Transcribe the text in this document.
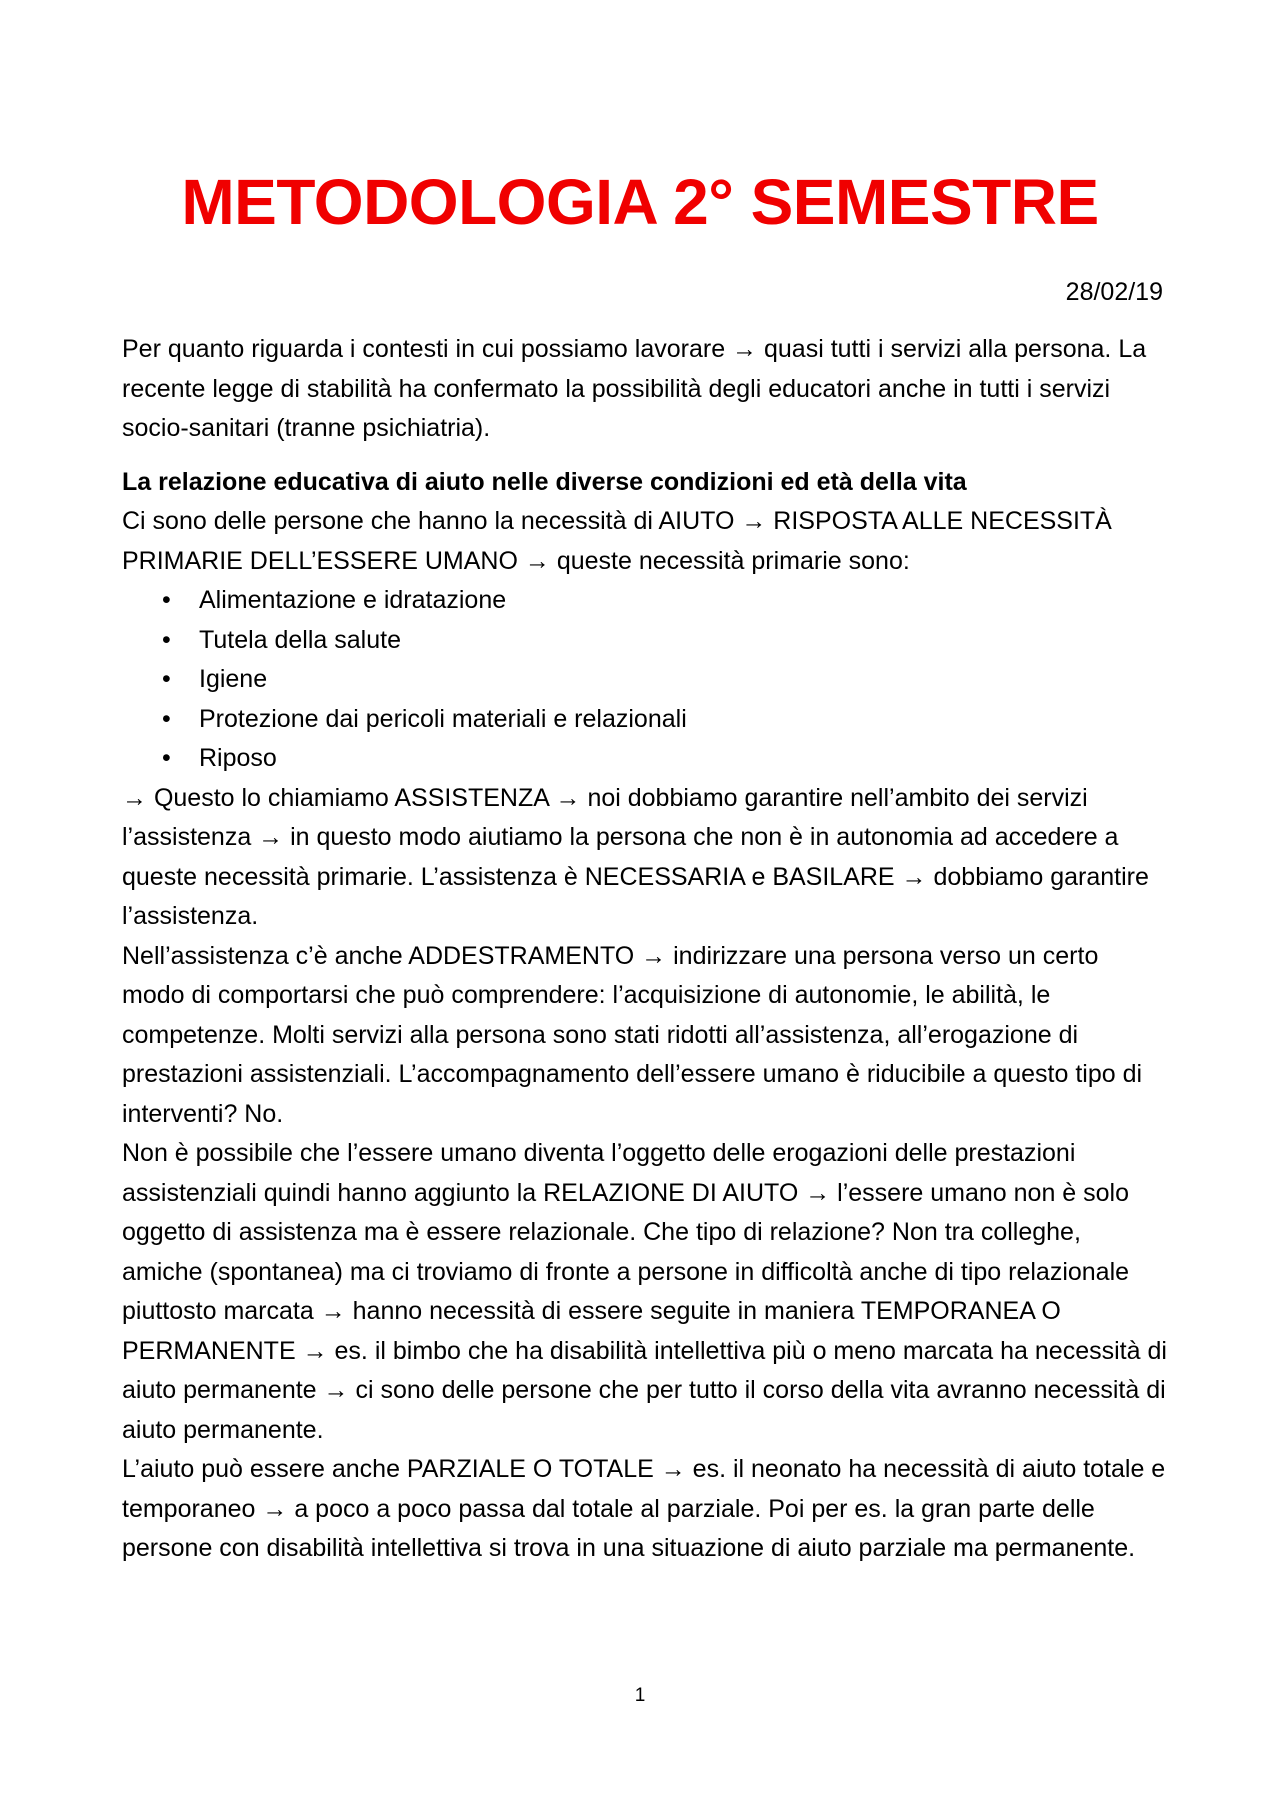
METODOLOGIA 2° SEMESTRE
28/02/19

Per quanto riguarda i contesti in cui possiamo lavorare → quasi tutti i servizi alla persona. La recente legge di stabilità ha confermato la possibilità degli educatori anche in tutti i servizi socio-sanitari (tranne psichiatria).

La relazione educativa di aiuto nelle diverse condizioni ed età della vita

Ci sono delle persone che hanno la necessità di AIUTO → RISPOSTA ALLE NECESSITÀ PRIMARIE DELL’ESSERE UMANO → queste necessità primarie sono:

• Alimentazione e idratazione
• Tutela della salute
• Igiene
• Protezione dai pericoli materiali e relazionali
• Riposo

→ Questo lo chiamiamo ASSISTENZA → noi dobbiamo garantire nell’ambito dei servizi l’assistenza → in questo modo aiutiamo la persona che non è in autonomia ad accedere a queste necessità primarie. L’assistenza è NECESSARIA e BASILARE → dobbiamo garantire l’assistenza.

Nell’assistenza c’è anche ADDESTRAMENTO → indirizzare una persona verso un certo modo di comportarsi che può comprendere: l’acquisizione di autonomie, le abilità, le competenze. Molti servizi alla persona sono stati ridotti all’assistenza, all’erogazione di prestazioni assistenziali. L’accompagnamento dell’essere umano è riducibile a questo tipo di interventi? No.

Non è possibile che l’essere umano diventa l’oggetto delle erogazioni delle prestazioni assistenziali quindi hanno aggiunto la RELAZIONE DI AIUTO → l’essere umano non è solo oggetto di assistenza ma è essere relazionale. Che tipo di relazione? Non tra colleghe, amiche (spontanea) ma ci troviamo di fronte a persone in difficoltà anche di tipo relazionale piuttosto marcata → hanno necessità di essere seguite in maniera TEMPORANEA O PERMANENTE → es. il bimbo che ha disabilità intellettiva più o meno marcata ha necessità di aiuto permanente → ci sono delle persone che per tutto il corso della vita avranno necessità di aiuto permanente.

L’aiuto può essere anche PARZIALE O TOTALE → es. il neonato ha necessità di aiuto totale e temporaneo → a poco a poco passa dal totale al parziale. Poi per es. la gran parte delle persone con disabilità intellettiva si trova in una situazione di aiuto parziale ma permanente.

1
